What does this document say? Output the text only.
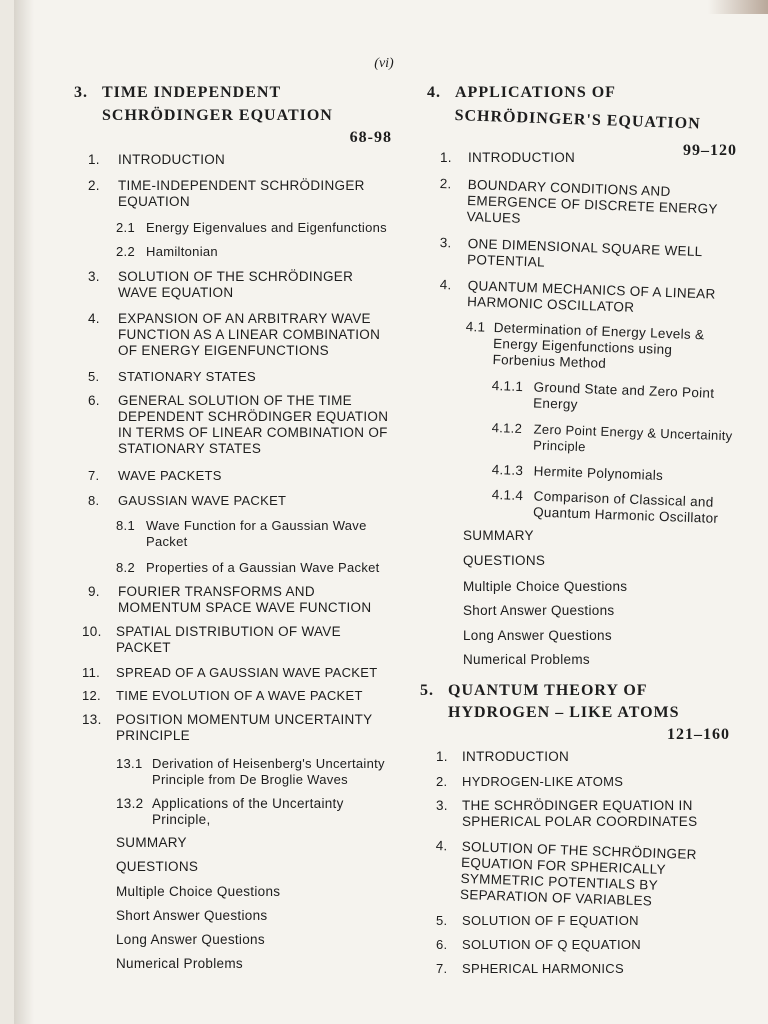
(vi)
3. TIME INDEPENDENT
SCHRÖDINGER EQUATION
68-98
1. INTRODUCTION
2. TIME-INDEPENDENT SCHRÖDINGER EQUATION
2.1 Energy Eigenvalues and Eigenfunctions
2.2 Hamiltonian
3. SOLUTION OF THE SCHRÖDINGER WAVE EQUATION
4. EXPANSION OF AN ARBITRARY WAVE FUNCTION AS A LINEAR COMBINATION OF ENERGY EIGENFUNCTIONS
5. STATIONARY STATES
6. GENERAL SOLUTION OF THE TIME DEPENDENT SCHRÖDINGER EQUATION IN TERMS OF LINEAR COMBINATION OF STATIONARY STATES
7. WAVE PACKETS
8. GAUSSIAN WAVE PACKET
8.1 Wave Function for a Gaussian Wave Packet
8.2 Properties of a Gaussian Wave Packet
9. FOURIER TRANSFORMS AND MOMENTUM SPACE WAVE FUNCTION
10. SPATIAL DISTRIBUTION OF WAVE PACKET
11. SPREAD OF A GAUSSIAN WAVE PACKET
12. TIME EVOLUTION OF A WAVE PACKET
13. POSITION MOMENTUM UNCERTAINTY PRINCIPLE
13.1 Derivation of Heisenberg's Uncertainty Principle from De Broglie Waves
13.2 Applications of the Uncertainty Principle,
SUMMARY
QUESTIONS
Multiple Choice Questions
Short Answer Questions
Long Answer Questions
Numerical Problems
4. APPLICATIONS OF
SCHRÖDINGER'S EQUATION
99–120
1. INTRODUCTION
2. BOUNDARY CONDITIONS AND EMERGENCE OF DISCRETE ENERGY VALUES
3. ONE DIMENSIONAL SQUARE WELL POTENTIAL
4. QUANTUM MECHANICS OF A LINEAR HARMONIC OSCILLATOR
4.1 Determination of Energy Levels & Energy Eigenfunctions using Forbenius Method
4.1.1 Ground State and Zero Point Energy
4.1.2 Zero Point Energy & Uncertainity Principle
4.1.3 Hermite Polynomials
4.1.4 Comparison of Classical and Quantum Harmonic Oscillator
SUMMARY
QUESTIONS
Multiple Choice Questions
Short Answer Questions
Long Answer Questions
Numerical Problems
5. QUANTUM THEORY OF
HYDROGEN – LIKE ATOMS
121–160
1. INTRODUCTION
2. HYDROGEN-LIKE ATOMS
3. THE SCHRÖDINGER EQUATION IN SPHERICAL POLAR COORDINATES
4. SOLUTION OF THE SCHRÖDINGER EQUATION FOR SPHERICALLY SYMMETRIC POTENTIALS BY SEPARATION OF VARIABLES
5. SOLUTION OF F EQUATION
6. SOLUTION OF Q EQUATION
7. SPHERICAL HARMONICS
